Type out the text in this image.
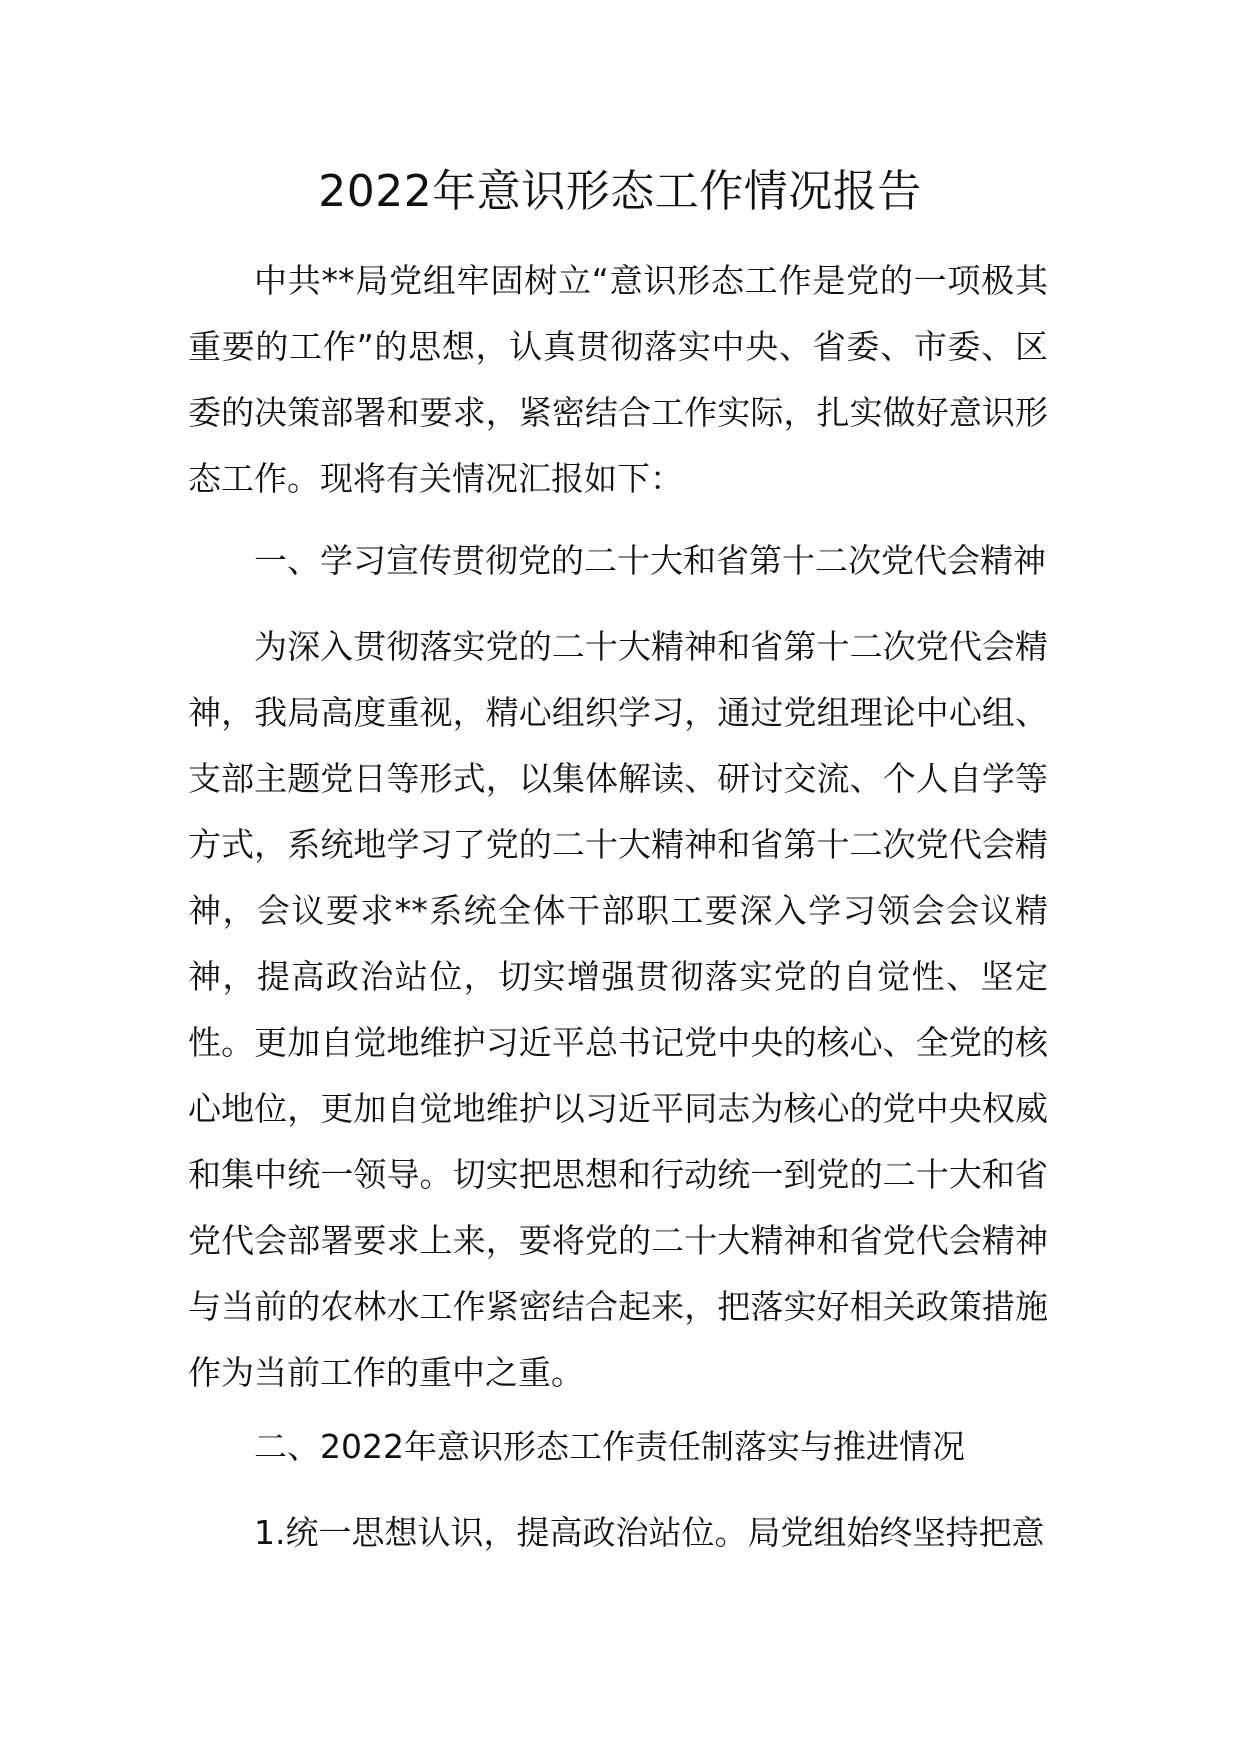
2022年意识形态工作情况报告

中共**局党组牢固树立“意识形态工作是党的一项极其重要的工作”的思想，认真贯彻落实中央、省委、市委、区委的决策部署和要求，紧密结合工作实际，扎实做好意识形态工作。现将有关情况汇报如下：

一、学习宣传贯彻党的二十大和省第十二次党代会精神

为深入贯彻落实党的二十大精神和省第十二次党代会精神，我局高度重视，精心组织学习，通过党组理论中心组、支部主题党日等形式，以集体解读、研讨交流、个人自学等方式，系统地学习了党的二十大精神和省第十二次党代会精神，会议要求**系统全体干部职工要深入学习领会会议精神，提高政治站位，切实增强贯彻落实党的自觉性、坚定性。更加自觉地维护习近平总书记党中央的核心、全党的核心地位，更加自觉地维护以习近平同志为核心的党中央权威和集中统一领导。切实把思想和行动统一到党的二十大和省党代会部署要求上来，要将党的二十大精神和省党代会精神与当前的农林水工作紧密结合起来，把落实好相关政策措施作为当前工作的重中之重。

二、2022年意识形态工作责任制落实与推进情况

1.统一思想认识，提高政治站位。局党组始终坚持把意
